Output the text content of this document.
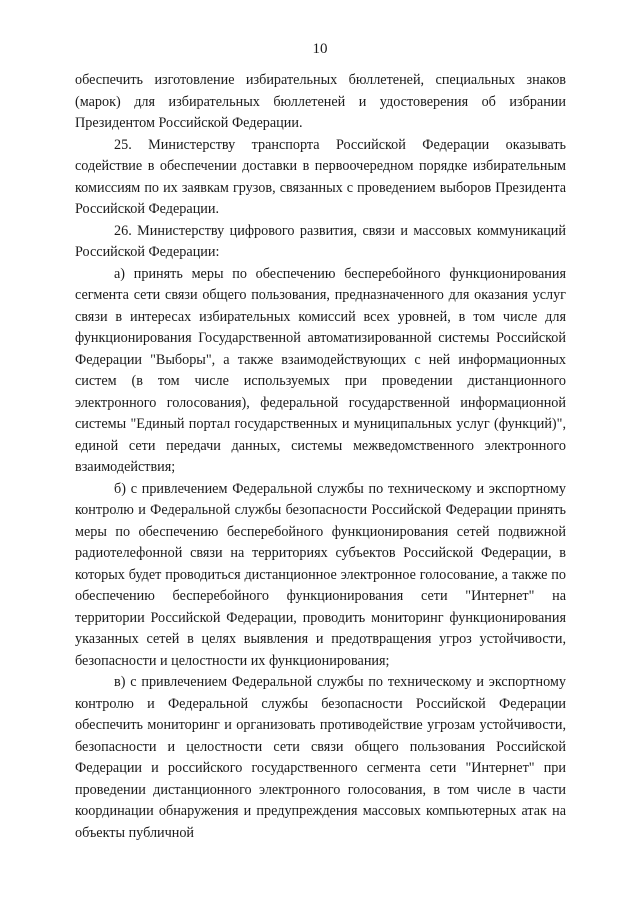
10

обеспечить изготовление избирательных бюллетеней, специальных знаков (марок) для избирательных бюллетеней и удостоверения об избрании Президентом Российской Федерации.

25. Министерству транспорта Российской Федерации оказывать содействие в обеспечении доставки в первоочередном порядке избирательным комиссиям по их заявкам грузов, связанных с проведением выборов Президента Российской Федерации.

26. Министерству цифрового развития, связи и массовых коммуникаций Российской Федерации:

а) принять меры по обеспечению бесперебойного функционирования сегмента сети связи общего пользования, предназначенного для оказания услуг связи в интересах избирательных комиссий всех уровней, в том числе для функционирования Государственной автоматизированной системы Российской Федерации "Выборы", а также взаимодействующих с ней информационных систем (в том числе используемых при проведении дистанционного электронного голосования), федеральной государственной информационной системы "Единый портал государственных и муниципальных услуг (функций)", единой сети передачи данных, системы межведомственного электронного взаимодействия;

б) с привлечением Федеральной службы по техническому и экспортному контролю и Федеральной службы безопасности Российской Федерации принять меры по обеспечению бесперебойного функционирования сетей подвижной радиотелефонной связи на территориях субъектов Российской Федерации, в которых будет проводиться дистанционное электронное голосование, а также по обеспечению бесперебойного функционирования сети "Интернет" на территории Российской Федерации, проводить мониторинг функционирования указанных сетей в целях выявления и предотвращения угроз устойчивости, безопасности и целостности их функционирования;

в) с привлечением Федеральной службы по техническому и экспортному контролю и Федеральной службы безопасности Российской Федерации обеспечить мониторинг и организовать противодействие угрозам устойчивости, безопасности и целостности сети связи общего пользования Российской Федерации и российского государственного сегмента сети "Интернет" при проведении дистанционного электронного голосования, в том числе в части координации обнаружения и предупреждения массовых компьютерных атак на объекты публичной
